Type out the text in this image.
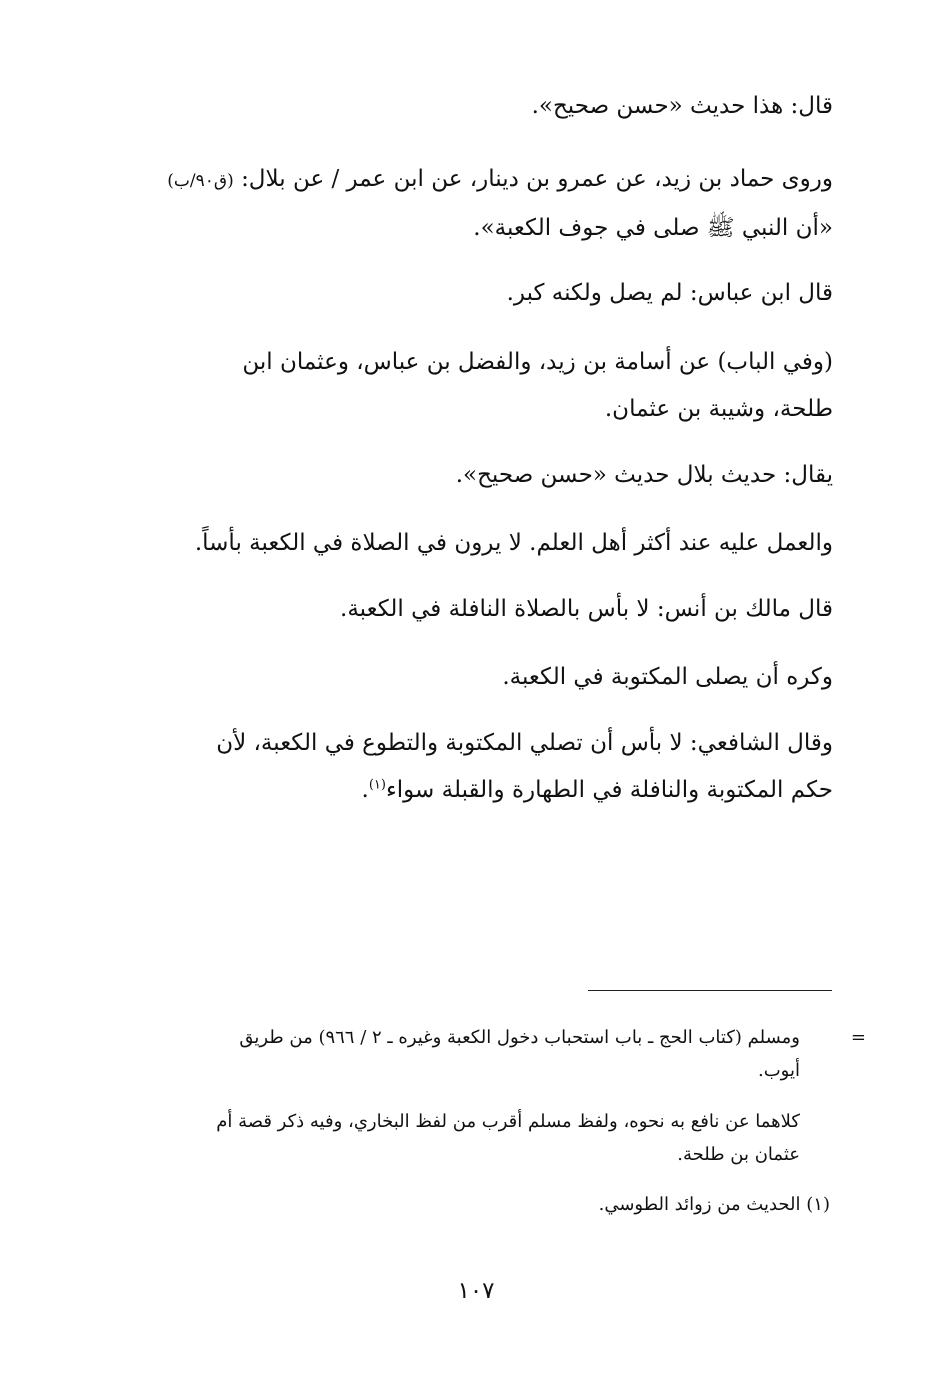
قال: هذا حديث «حسن صحيح».
وروى حماد بن زيد، عن عمرو بن دينار، عن ابن عمر / عن بلال: (ق٩٠/ب)
«أن النبي ﷺ صلى في جوف الكعبة».
قال ابن عباس: لم يصل ولكنه كبر.
(وفي الباب) عن أسامة بن زيد، والفضل بن عباس، وعثمان ابن
طلحة، وشيبة بن عثمان.
يقال: حديث بلال حديث «حسن صحيح».
والعمل عليه عند أكثر أهل العلم. لا يرون في الصلاة في الكعبة بأساً.
قال مالك بن أنس: لا بأس بالصلاة النافلة في الكعبة.
وكره أن يصلى المكتوبة في الكعبة.
وقال الشافعي: لا بأس أن تصلي المكتوبة والتطوع في الكعبة، لأن
حكم المكتوبة والنافلة في الطهارة والقبلة سواء$^{(١)}$.
=
ومسلم (كتاب الحج ـ باب استحباب دخول الكعبة وغيره ـ ٢ / ٩٦٦) من طريق
أيوب.
كلاهما عن نافع به نحوه، ولفظ مسلم أقرب من لفظ البخاري، وفيه ذكر قصة أم
عثمان بن طلحة.
(١) الحديث من زوائد الطوسي.
١٠٧
